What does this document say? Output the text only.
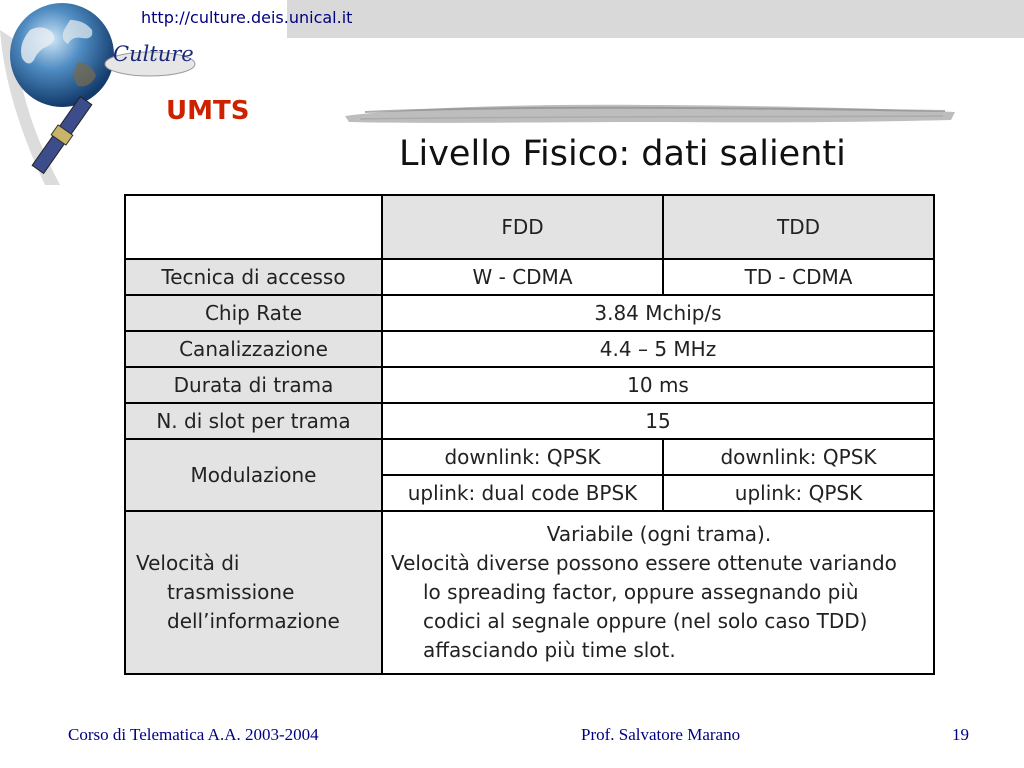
http://culture.deis.unical.it
Culture
UMTS
Livello Fisico: dati salienti
	FDD	TDD
Tecnica di accesso	W - CDMA	TD - CDMA
Chip Rate	3.84 Mchip/s	
Canalizzazione	4.4 – 5 MHz	
Durata di trama	10 ms	
N. di slot per trama	15	
Modulazione	downlink: QPSK	downlink: QPSK
	uplink: dual code BPSK	uplink: QPSK
Velocità di
trasmissione
dell’informazione	Variabile (ogni trama).
Velocità diverse possono essere ottenute variando
lo spreading factor, oppure assegnando più
codici al segnale oppure (nel solo caso TDD)
affasciando più time slot.	
Corso di Telematica A.A. 2003-2004	Prof. Salvatore Marano	19
